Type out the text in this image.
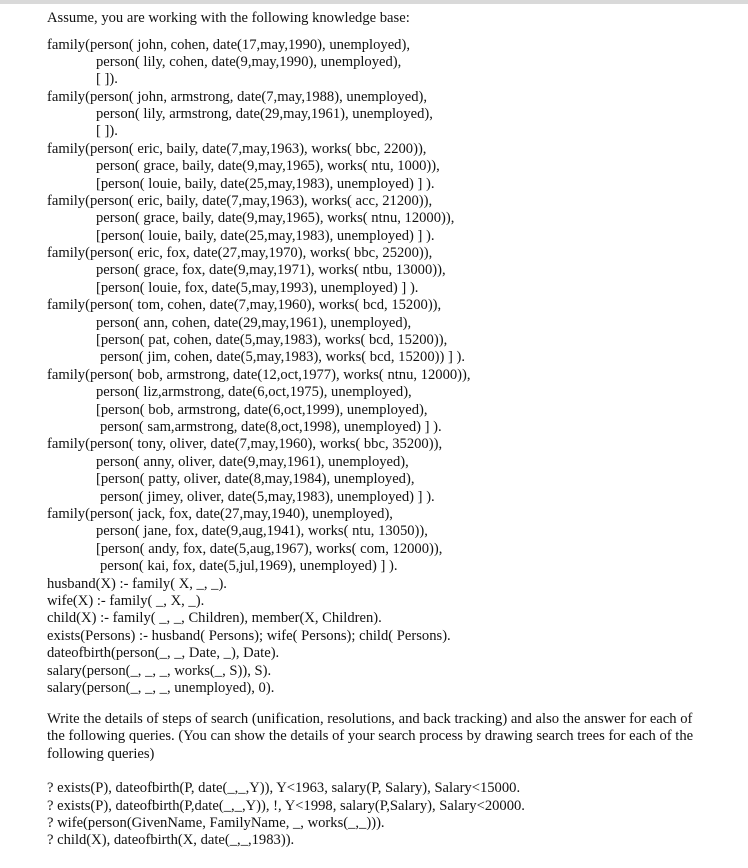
Assume, you are working with the following knowledge base:
family(person( john, cohen, date(17,may,1990), unemployed),
person( lily, cohen, date(9,may,1990), unemployed),
[ ]).
family(person( john, armstrong, date(7,may,1988), unemployed),
person( lily, armstrong, date(29,may,1961), unemployed),
[ ]).
family(person( eric, baily, date(7,may,1963), works( bbc, 2200)),
person( grace, baily, date(9,may,1965), works( ntu, 1000)),
[person( louie, baily, date(25,may,1983), unemployed) ] ).
family(person( eric, baily, date(7,may,1963), works( acc, 21200)),
person( grace, baily, date(9,may,1965), works( ntnu, 12000)),
[person( louie, baily, date(25,may,1983), unemployed) ] ).
family(person( eric, fox, date(27,may,1970), works( bbc, 25200)),
person( grace, fox, date(9,may,1971), works( ntbu, 13000)),
[person( louie, fox, date(5,may,1993), unemployed) ] ).
family(person( tom, cohen, date(7,may,1960), works( bcd, 15200)),
person( ann, cohen, date(29,may,1961), unemployed),
[person( pat, cohen, date(5,may,1983), works( bcd, 15200)),
person( jim, cohen, date(5,may,1983), works( bcd, 15200)) ] ).
family(person( bob, armstrong, date(12,oct,1977), works( ntnu, 12000)),
person( liz,armstrong, date(6,oct,1975), unemployed),
[person( bob, armstrong, date(6,oct,1999), unemployed),
person( sam,armstrong, date(8,oct,1998), unemployed) ] ).
family(person( tony, oliver, date(7,may,1960), works( bbc, 35200)),
person( anny, oliver, date(9,may,1961), unemployed),
[person( patty, oliver, date(8,may,1984), unemployed),
person( jimey, oliver, date(5,may,1983), unemployed) ] ).
family(person( jack, fox, date(27,may,1940), unemployed),
person( jane, fox, date(9,aug,1941), works( ntu, 13050)),
[person( andy, fox, date(5,aug,1967), works( com, 12000)),
person( kai, fox, date(5,jul,1969), unemployed) ] ).
husband(X) :- family( X, _, _).
wife(X) :- family( _, X, _).
child(X) :- family( _, _, Children), member(X, Children).
exists(Persons) :- husband( Persons); wife( Persons); child( Persons).
dateofbirth(person(_, _, Date, _), Date).
salary(person(_, _, _, works(_, S)), S).
salary(person(_, _, _, unemployed), 0).
Write the details of steps of search (unification, resolutions, and back tracking) and also the answer for each of the following queries. (You can show the details of your search process by drawing search trees for each of the following queries)
? exists(P), dateofbirth(P, date(_,_,Y)), Y<1963, salary(P, Salary), Salary<15000.
? exists(P), dateofbirth(P,date(_,_,Y)), !, Y<1998, salary(P,Salary), Salary<20000.
? wife(person(GivenName, FamilyName, _, works(_,_))).
? child(X), dateofbirth(X, date(_,_,1983)).
